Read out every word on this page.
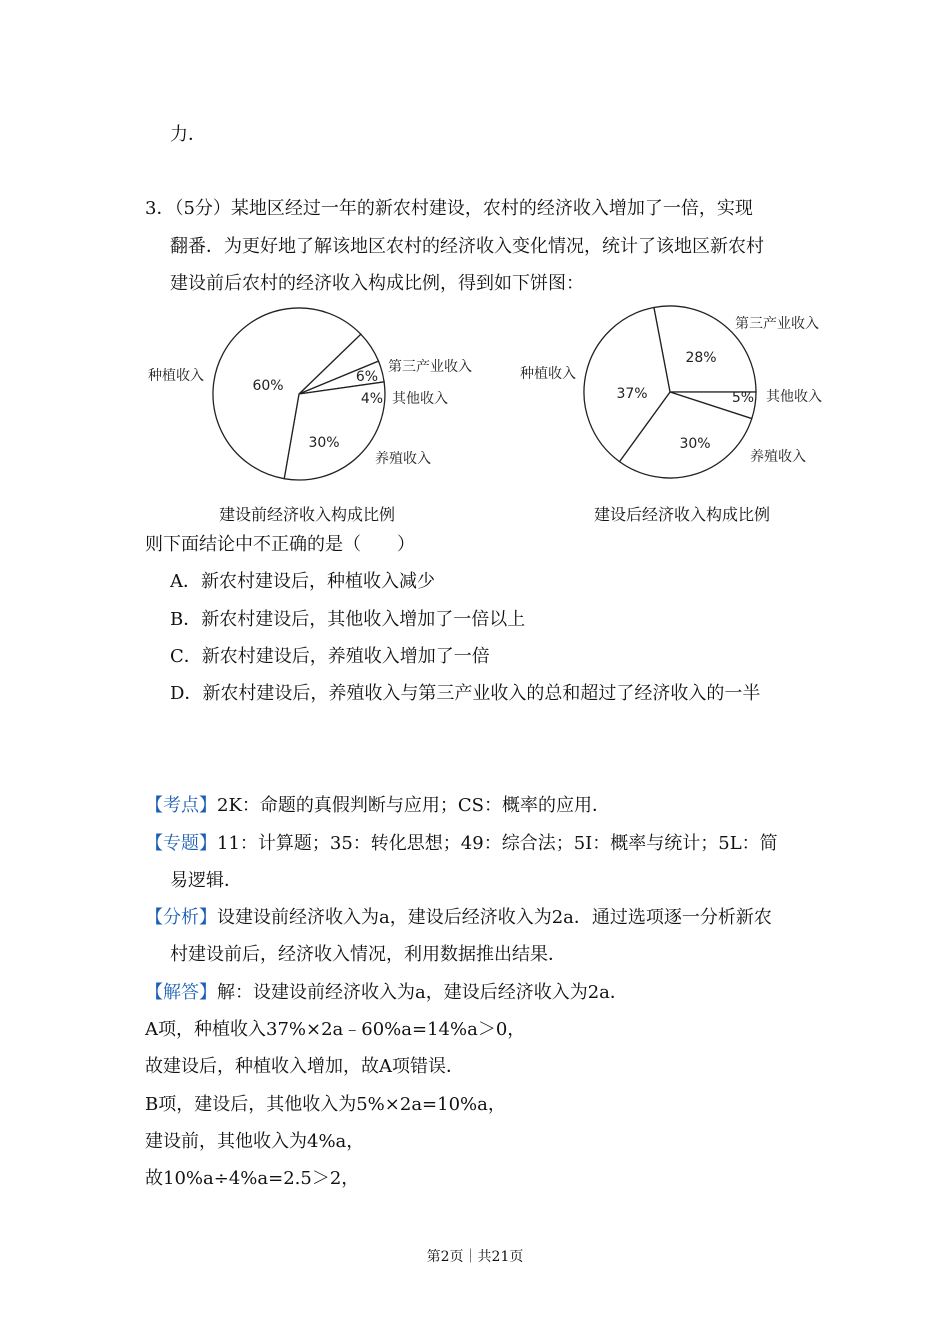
力．
3．（5分）某地区经过一年的新农村建设，农村的经济收入增加了一倍，实现
翻番．为更好地了解该地区农村的经济收入变化情况，统计了该地区新农村
建设前后农村的经济收入构成比例，得到如下饼图：
60%
6%
4%
30%
种植收入
第三产业收入
其他收入
养殖收入
建设前经济收入构成比例
37%
28%
5%
30%
种植收入
第三产业收入
其他收入
养殖收入
建设后经济收入构成比例
则下面结论中不正确的是（　　）
A．新农村建设后，种植收入减少
B．新农村建设后，其他收入增加了一倍以上
C．新农村建设后，养殖收入增加了一倍
D．新农村建设后，养殖收入与第三产业收入的总和超过了经济收入的一半
【考点】2K：命题的真假判断与应用；CS：概率的应用．
【专题】11：计算题；35：转化思想；49：综合法；5I：概率与统计；5L：简
易逻辑．
【分析】设建设前经济收入为a，建设后经济收入为2a．通过选项逐一分析新农
村建设前后，经济收入情况，利用数据推出结果．
【解答】解：设建设前经济收入为a，建设后经济收入为2a．
A项，种植收入37%×2a﹣60%a=14%a＞0，
故建设后，种植收入增加，故A项错误．
B项，建设后，其他收入为5%×2a=10%a，
建设前，其他收入为4%a，
故10%a÷4%a=2.5＞2，
第2页｜共21页
